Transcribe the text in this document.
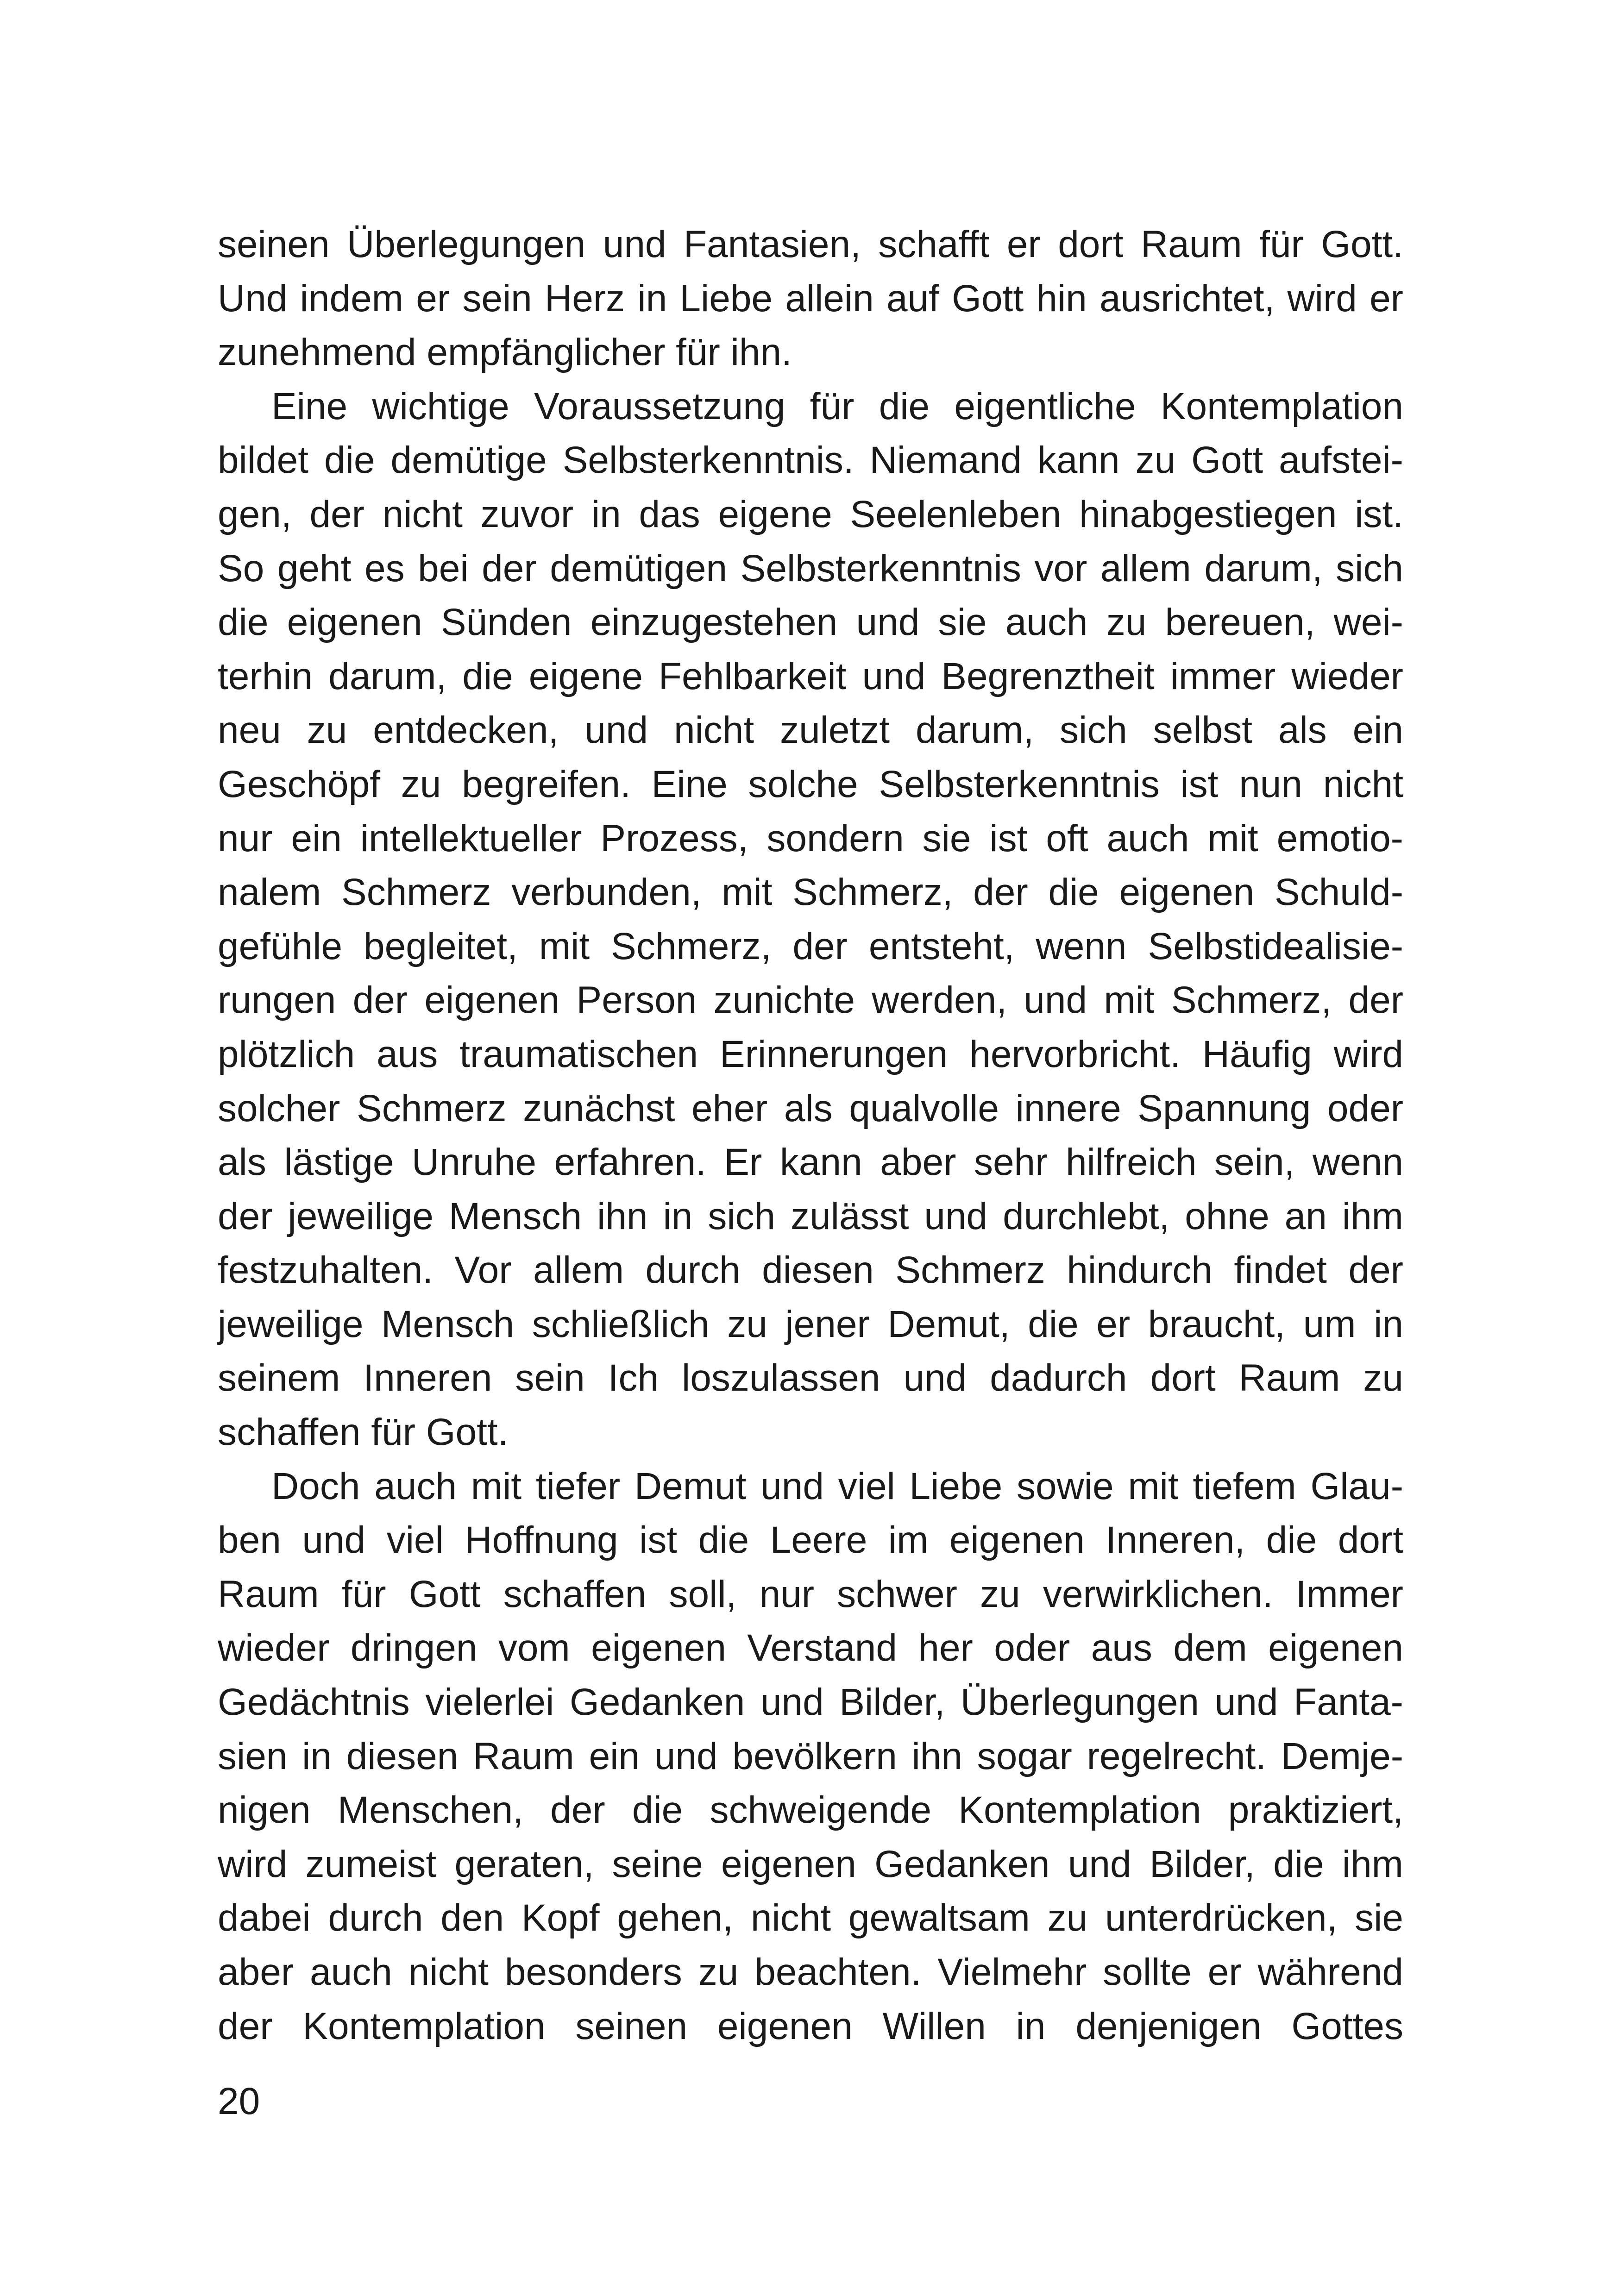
seinen Überlegungen und Fantasien, schafft er dort Raum für Gott.
Und indem er sein Herz in Liebe allein auf Gott hin ausrichtet, wird er
zunehmend empfänglicher für ihn.
Eine wichtige Voraussetzung für die eigentliche Kontemplation
bildet die demütige Selbsterkenntnis. Niemand kann zu Gott aufstei-
gen, der nicht zuvor in das eigene Seelenleben hinabgestiegen ist.
So geht es bei der demütigen Selbsterkenntnis vor allem darum, sich
die eigenen Sünden einzugestehen und sie auch zu bereuen, wei-
terhin darum, die eigene Fehlbarkeit und Begrenztheit immer wieder
neu zu entdecken, und nicht zuletzt darum, sich selbst als ein
Geschöpf zu begreifen. Eine solche Selbsterkenntnis ist nun nicht
nur ein intellektueller Prozess, sondern sie ist oft auch mit emotio-
nalem Schmerz verbunden, mit Schmerz, der die eigenen Schuld-
gefühle begleitet, mit Schmerz, der entsteht, wenn Selbstidealisie-
rungen der eigenen Person zunichte werden, und mit Schmerz, der
plötzlich aus traumatischen Erinnerungen hervorbricht. Häufig wird
solcher Schmerz zunächst eher als qualvolle innere Spannung oder
als lästige Unruhe erfahren. Er kann aber sehr hilfreich sein, wenn
der jeweilige Mensch ihn in sich zulässt und durchlebt, ohne an ihm
festzuhalten. Vor allem durch diesen Schmerz hindurch findet der
jeweilige Mensch schließlich zu jener Demut, die er braucht, um in
seinem Inneren sein Ich loszulassen und dadurch dort Raum zu
schaffen für Gott.
Doch auch mit tiefer Demut und viel Liebe sowie mit tiefem Glau-
ben und viel Hoffnung ist die Leere im eigenen Inneren, die dort
Raum für Gott schaffen soll, nur schwer zu verwirklichen. Immer
wieder dringen vom eigenen Verstand her oder aus dem eigenen
Gedächtnis vielerlei Gedanken und Bilder, Überlegungen und Fanta-
sien in diesen Raum ein und bevölkern ihn sogar regelrecht. Demje-
nigen Menschen, der die schweigende Kontemplation praktiziert,
wird zumeist geraten, seine eigenen Gedanken und Bilder, die ihm
dabei durch den Kopf gehen, nicht gewaltsam zu unterdrücken, sie
aber auch nicht besonders zu beachten. Vielmehr sollte er während
der Kontemplation seinen eigenen Willen in denjenigen Gottes
20
